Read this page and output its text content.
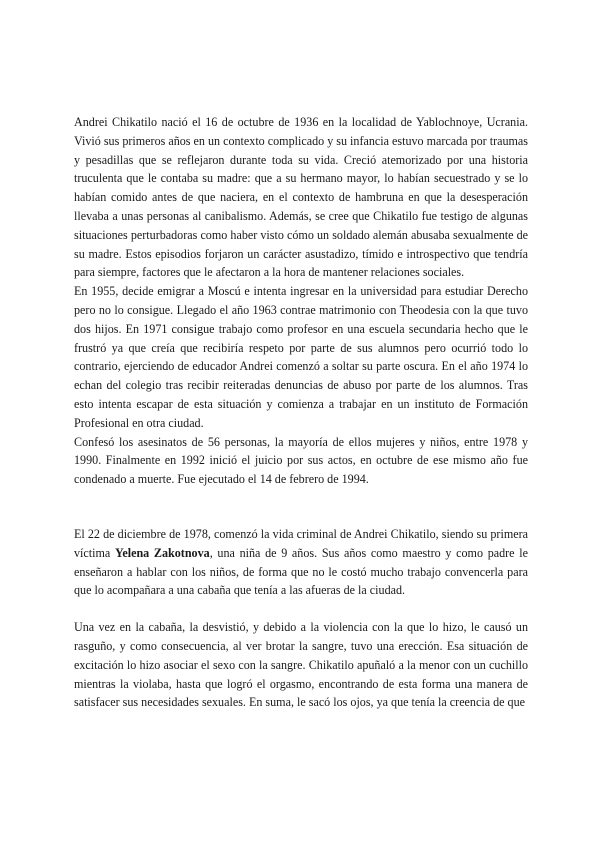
Andrei Chikatilo nació el 16 de octubre de 1936 en la localidad de Yablochnoye, Ucrania. Vivió sus primeros años en un contexto complicado y su infancia estuvo marcada por traumas y pesadillas que se reflejaron durante toda su vida. Creció atemorizado por una historia truculenta que le contaba su madre: que a su hermano mayor, lo habían secuestrado y se lo habían comido antes de que naciera, en el contexto de hambruna en que la desesperación llevaba a unas personas al canibalismo. Además, se cree que Chikatilo fue testigo de algunas situaciones perturbadoras como haber visto cómo un soldado alemán abusaba sexualmente de su madre. Estos episodios forjaron un carácter asustadizo, tímido e introspectivo que tendría para siempre, factores que le afectaron a la hora de mantener relaciones sociales.

En 1955, decide emigrar a Moscú e intenta ingresar en la universidad para estudiar Derecho pero no lo consigue. Llegado el año 1963 contrae matrimonio con Theodesia con la que tuvo dos hijos. En 1971 consigue trabajo como profesor en una escuela secundaria hecho que le frustró ya que creía que recibiría respeto por parte de sus alumnos pero ocurrió todo lo contrario, ejerciendo de educador Andrei comenzó a soltar su parte oscura. En el año 1974 lo echan del colegio tras recibir reiteradas denuncias de abuso por parte de los alumnos. Tras esto intenta escapar de esta situación y comienza a trabajar en un instituto de Formación Profesional en otra ciudad.

Confesó los asesinatos de 56 personas, la mayoría de ellos mujeres y niños, entre 1978 y 1990. Finalmente en 1992 inició el juicio por sus actos, en octubre de ese mismo año fue condenado a muerte. Fue ejecutado el 14 de febrero de 1994.

El 22 de diciembre de 1978, comenzó la vida criminal de Andrei Chikatilo, siendo su primera víctima Yelena Zakotnova, una niña de 9 años. Sus años como maestro y como padre le enseñaron a hablar con los niños, de forma que no le costó mucho trabajo convencerla para que lo acompañara a una cabaña que tenía a las afueras de la ciudad.

Una vez en la cabaña, la desvistió, y debido a la violencia con la que lo hizo, le causó un rasguño, y como consecuencia, al ver brotar la sangre, tuvo una erección. Esa situación de excitación lo hizo asociar el sexo con la sangre. Chikatilo apuñaló a la menor con un cuchillo mientras la violaba, hasta que logró el orgasmo, encontrando de esta forma una manera de satisfacer sus necesidades sexuales. En suma, le sacó los ojos, ya que tenía la creencia de que
